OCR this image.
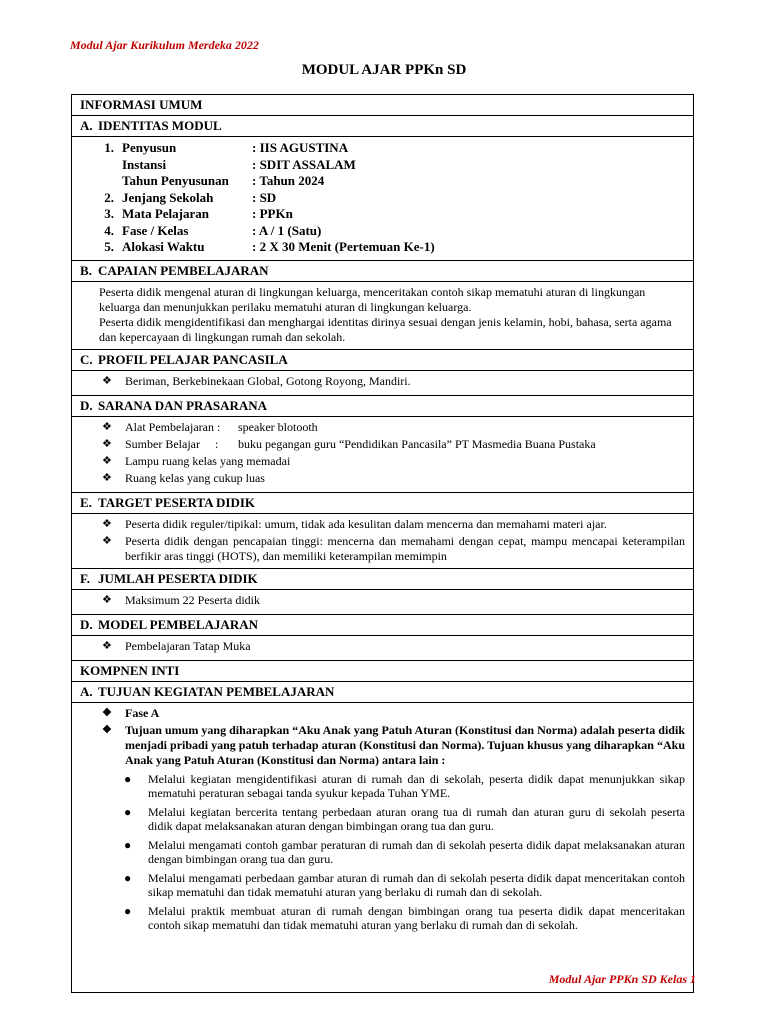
Modul Ajar Kurikulum Merdeka 2022
MODUL AJAR PPKn SD
INFORMASI UMUM
A. IDENTITAS MODUL

1. Penyusun	: IIS AGUSTINA
Instansi	: SDIT ASSALAM
Tahun Penyusunan	: Tahun 2024
2. Jenjang Sekolah	: SD
3. Mata Pelajaran	: PPKn
4. Fase / Kelas	: A / 1 (Satu)
5. Alokasi Waktu	: 2 X 30 Menit (Pertemuan Ke-1)

B. CAPAIAN PEMBELAJARAN

Peserta didik mengenal aturan di lingkungan keluarga, menceritakan contoh sikap mematuhi aturan di lingkungan keluarga dan menunjukkan perilaku mematuhi aturan di lingkungan keluarga.

Peserta didik mengidentifikasi dan menghargai identitas dirinya sesuai dengan jenis kelamin, hobi, bahasa, serta agama dan kepercayaan di lingkungan rumah dan sekolah.

C. PROFIL PELAJAR PANCASILA

❖ Beriman, Berkebinekaan Global, Gotong Royong, Mandiri.

D. SARANA DAN PRASARANA

❖ Alat Pembelajaran : speaker blotooth
❖ Sumber Belajar     : buku pegangan guru “Pendidikan Pancasila” PT Masmedia Buana Pustaka
❖ Lampu ruang kelas yang memadai
❖ Ruang kelas yang cukup luas

E. TARGET PESERTA DIDIK

❖ Peserta didik reguler/tipikal: umum, tidak ada kesulitan dalam mencerna dan memahami materi ajar.
❖ Peserta didik dengan pencapaian tinggi: mencerna dan memahami dengan cepat, mampu mencapai keterampilan berfikir aras tinggi (HOTS), dan memiliki keterampilan memimpin

F. JUMLAH PESERTA DIDIK

❖ Maksimum 22 Peserta didik

D. MODEL PEMBELAJARAN

❖ Pembelajaran Tatap Muka

KOMPNEN INTI
A. TUJUAN KEGIATAN PEMBELAJARAN

❖ Fase A
❖ Tujuan umum yang diharapkan “Aku Anak yang Patuh Aturan (Konstitusi dan Norma) adalah peserta didik menjadi pribadi yang patuh terhadap aturan (Konstitusi dan Norma). Tujuan khusus yang diharapkan “Aku Anak yang Patuh Aturan (Konstitusi dan Norma) antara lain :
● Melalui kegiatan mengidentifikasi aturan di rumah dan di sekolah, peserta didik dapat menunjukkan sikap mematuhi peraturan sebagai tanda syukur kepada Tuhan YME.
● Melalui kegiatan bercerita tentang perbedaan aturan orang tua di rumah dan aturan guru di sekolah peserta didik dapat melaksanakan aturan dengan bimbingan orang tua dan guru.
● Melalui mengamati contoh gambar peraturan di rumah dan di sekolah peserta didik dapat melaksanakan aturan dengan bimbingan orang tua dan guru.
● Melalui mengamati perbedaan gambar aturan di rumah dan di sekolah peserta didik dapat menceritakan contoh sikap mematuhi dan tidak mematuhi aturan yang berlaku di rumah dan di sekolah.
● Melalui praktik membuat aturan di rumah dengan bimbingan orang tua peserta didik dapat menceritakan contoh sikap mematuhi dan tidak mematuhi aturan yang berlaku di rumah dan di sekolah.
Modul Ajar PPKn SD Kelas 1
